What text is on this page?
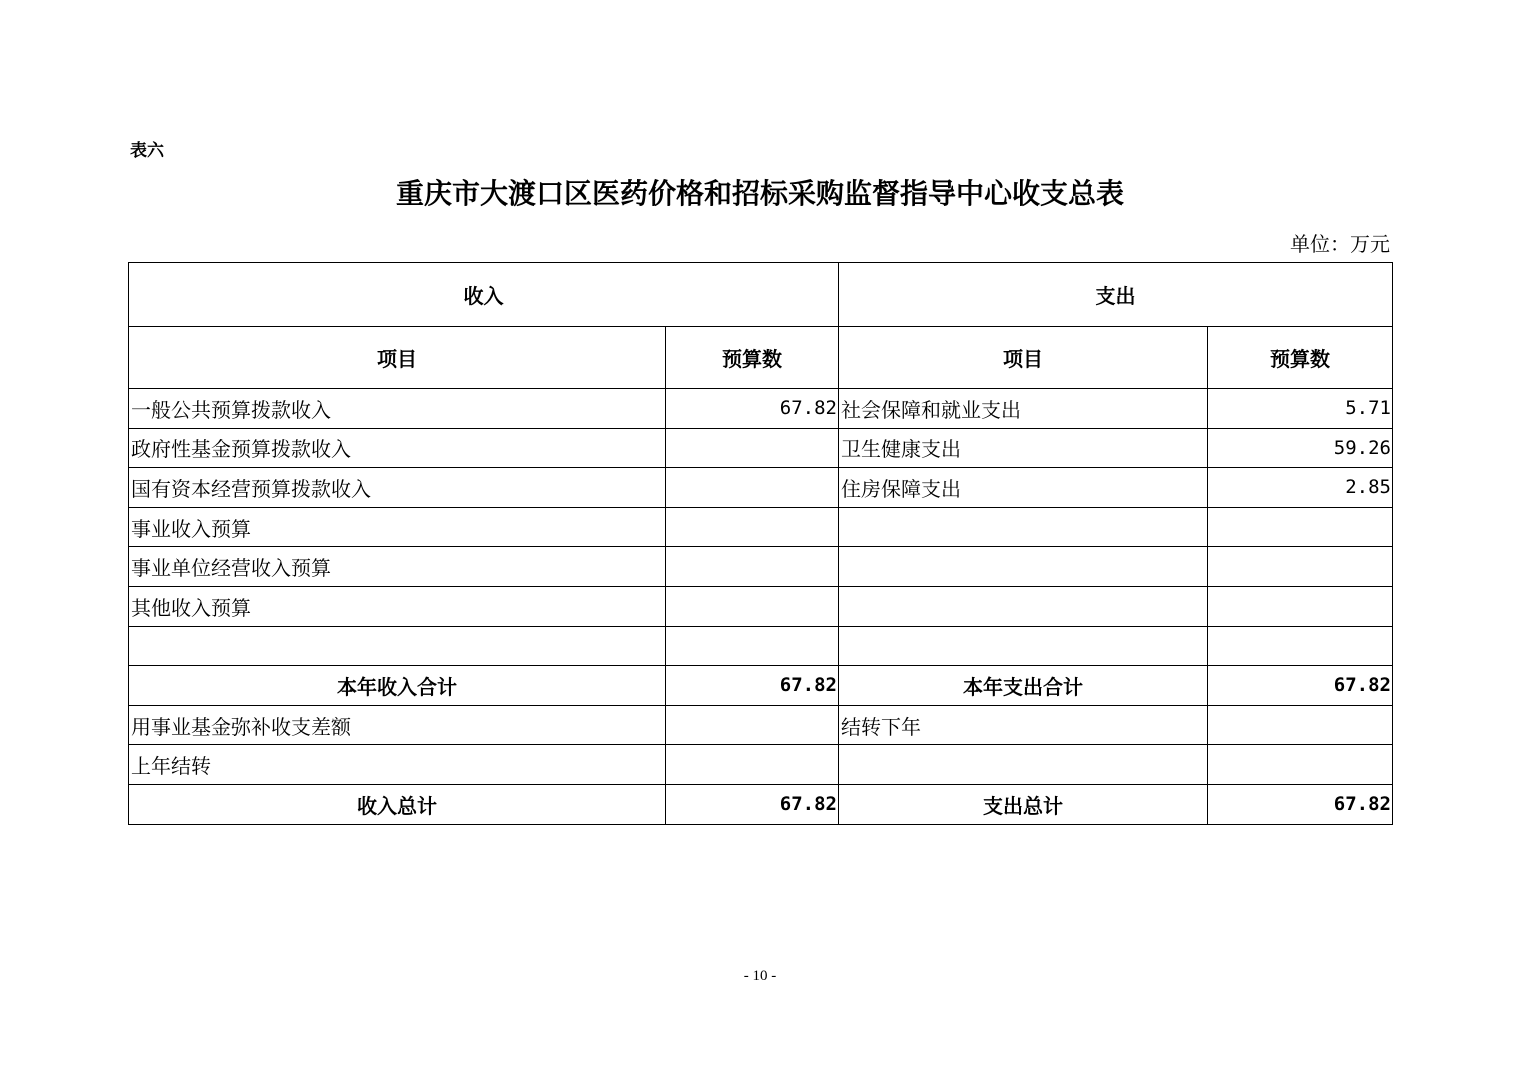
表六
重庆市大渡口区医药价格和招标采购监督指导中心收支总表
单位：万元
收入		支出	
项目	预算数	项目	预算数
一般公共预算拨款收入	67.82	社会保障和就业支出	5.71
政府性基金预算拨款收入		卫生健康支出	59.26
国有资本经营预算拨款收入		住房保障支出	2.85
事业收入预算			
事业单位经营收入预算			
其他收入预算			

本年收入合计	67.82	本年支出合计	67.82
用事业基金弥补收支差额		结转下年	
上年结转			
收入总计	67.82	支出总计	67.82
- 10 -
